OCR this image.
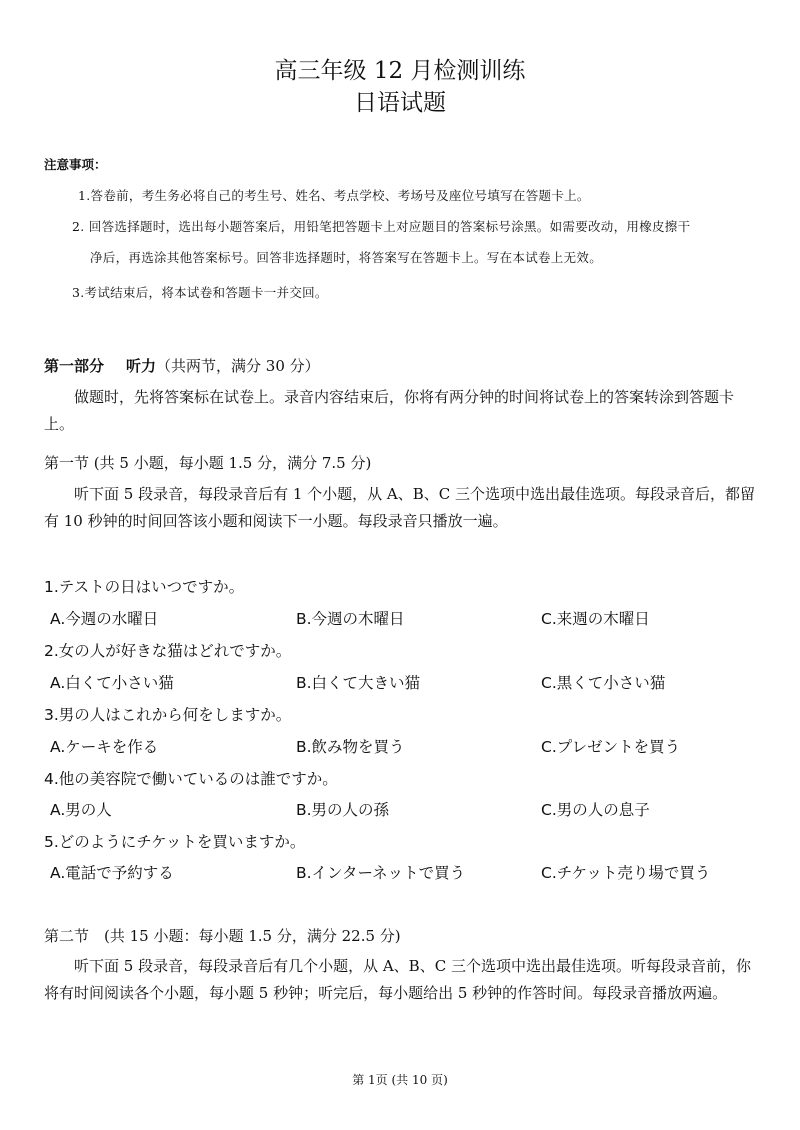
高三年级 12 月检测训练
日语试题
注意事项：
1.答卷前，考生务必将自己的考生号、姓名、考点学校、考场号及座位号填写在答题卡上。
2. 回答选择题时，选出每小题答案后，用铅笔把答题卡上对应题目的答案标号涂黑。如需要改动，用橡皮擦干
净后，再选涂其他答案标号。回答非选择题时，将答案写在答题卡上。写在本试卷上无效。
3.考试结束后，将本试卷和答题卡一并交回。
第一部分 听力（共两节，满分 30 分）
做题时，先将答案标在试卷上。录音内容结束后，你将有两分钟的时间将试卷上的答案转涂到答题卡上。
第一节 (共 5 小题，每小题 1.5 分，满分 7.5 分)
听下面 5 段录音，每段录音后有 1 个小题，从 A、B、C 三个选项中选出最佳选项。每段录音后，都留有 10 秒钟的时间回答该小题和阅读下一小题。每段录音只播放一遍。
1.テストの日はいつですか。
A.今週の水曜日	B.今週の木曜日	C.来週の木曜日
2.女の人が好きな猫はどれですか。
A.白くて小さい猫	B.白くて大きい猫	C.黒くて小さい猫
3.男の人はこれから何をしますか。
A.ケーキを作る	B.飲み物を買う	C.プレゼントを買う
4.他の美容院で働いているのは誰ですか。
A.男の人	B.男の人の孫	C.男の人の息子
5.どのようにチケットを買いますか。
A.電話で予約する	B.インターネットで買う	C.チケット売り場で買う
第二节　(共 15 小题：每小题 1.5 分，满分 22.5 分)
听下面 5 段录音，每段录音后有几个小题，从 A、B、C 三个选项中选出最佳选项。听每段录音前，你将有时间阅读各个小题，每小题 5 秒钟；听完后，每小题给出 5 秒钟的作答时间。每段录音播放两遍。
第 1页 (共 10 页)
